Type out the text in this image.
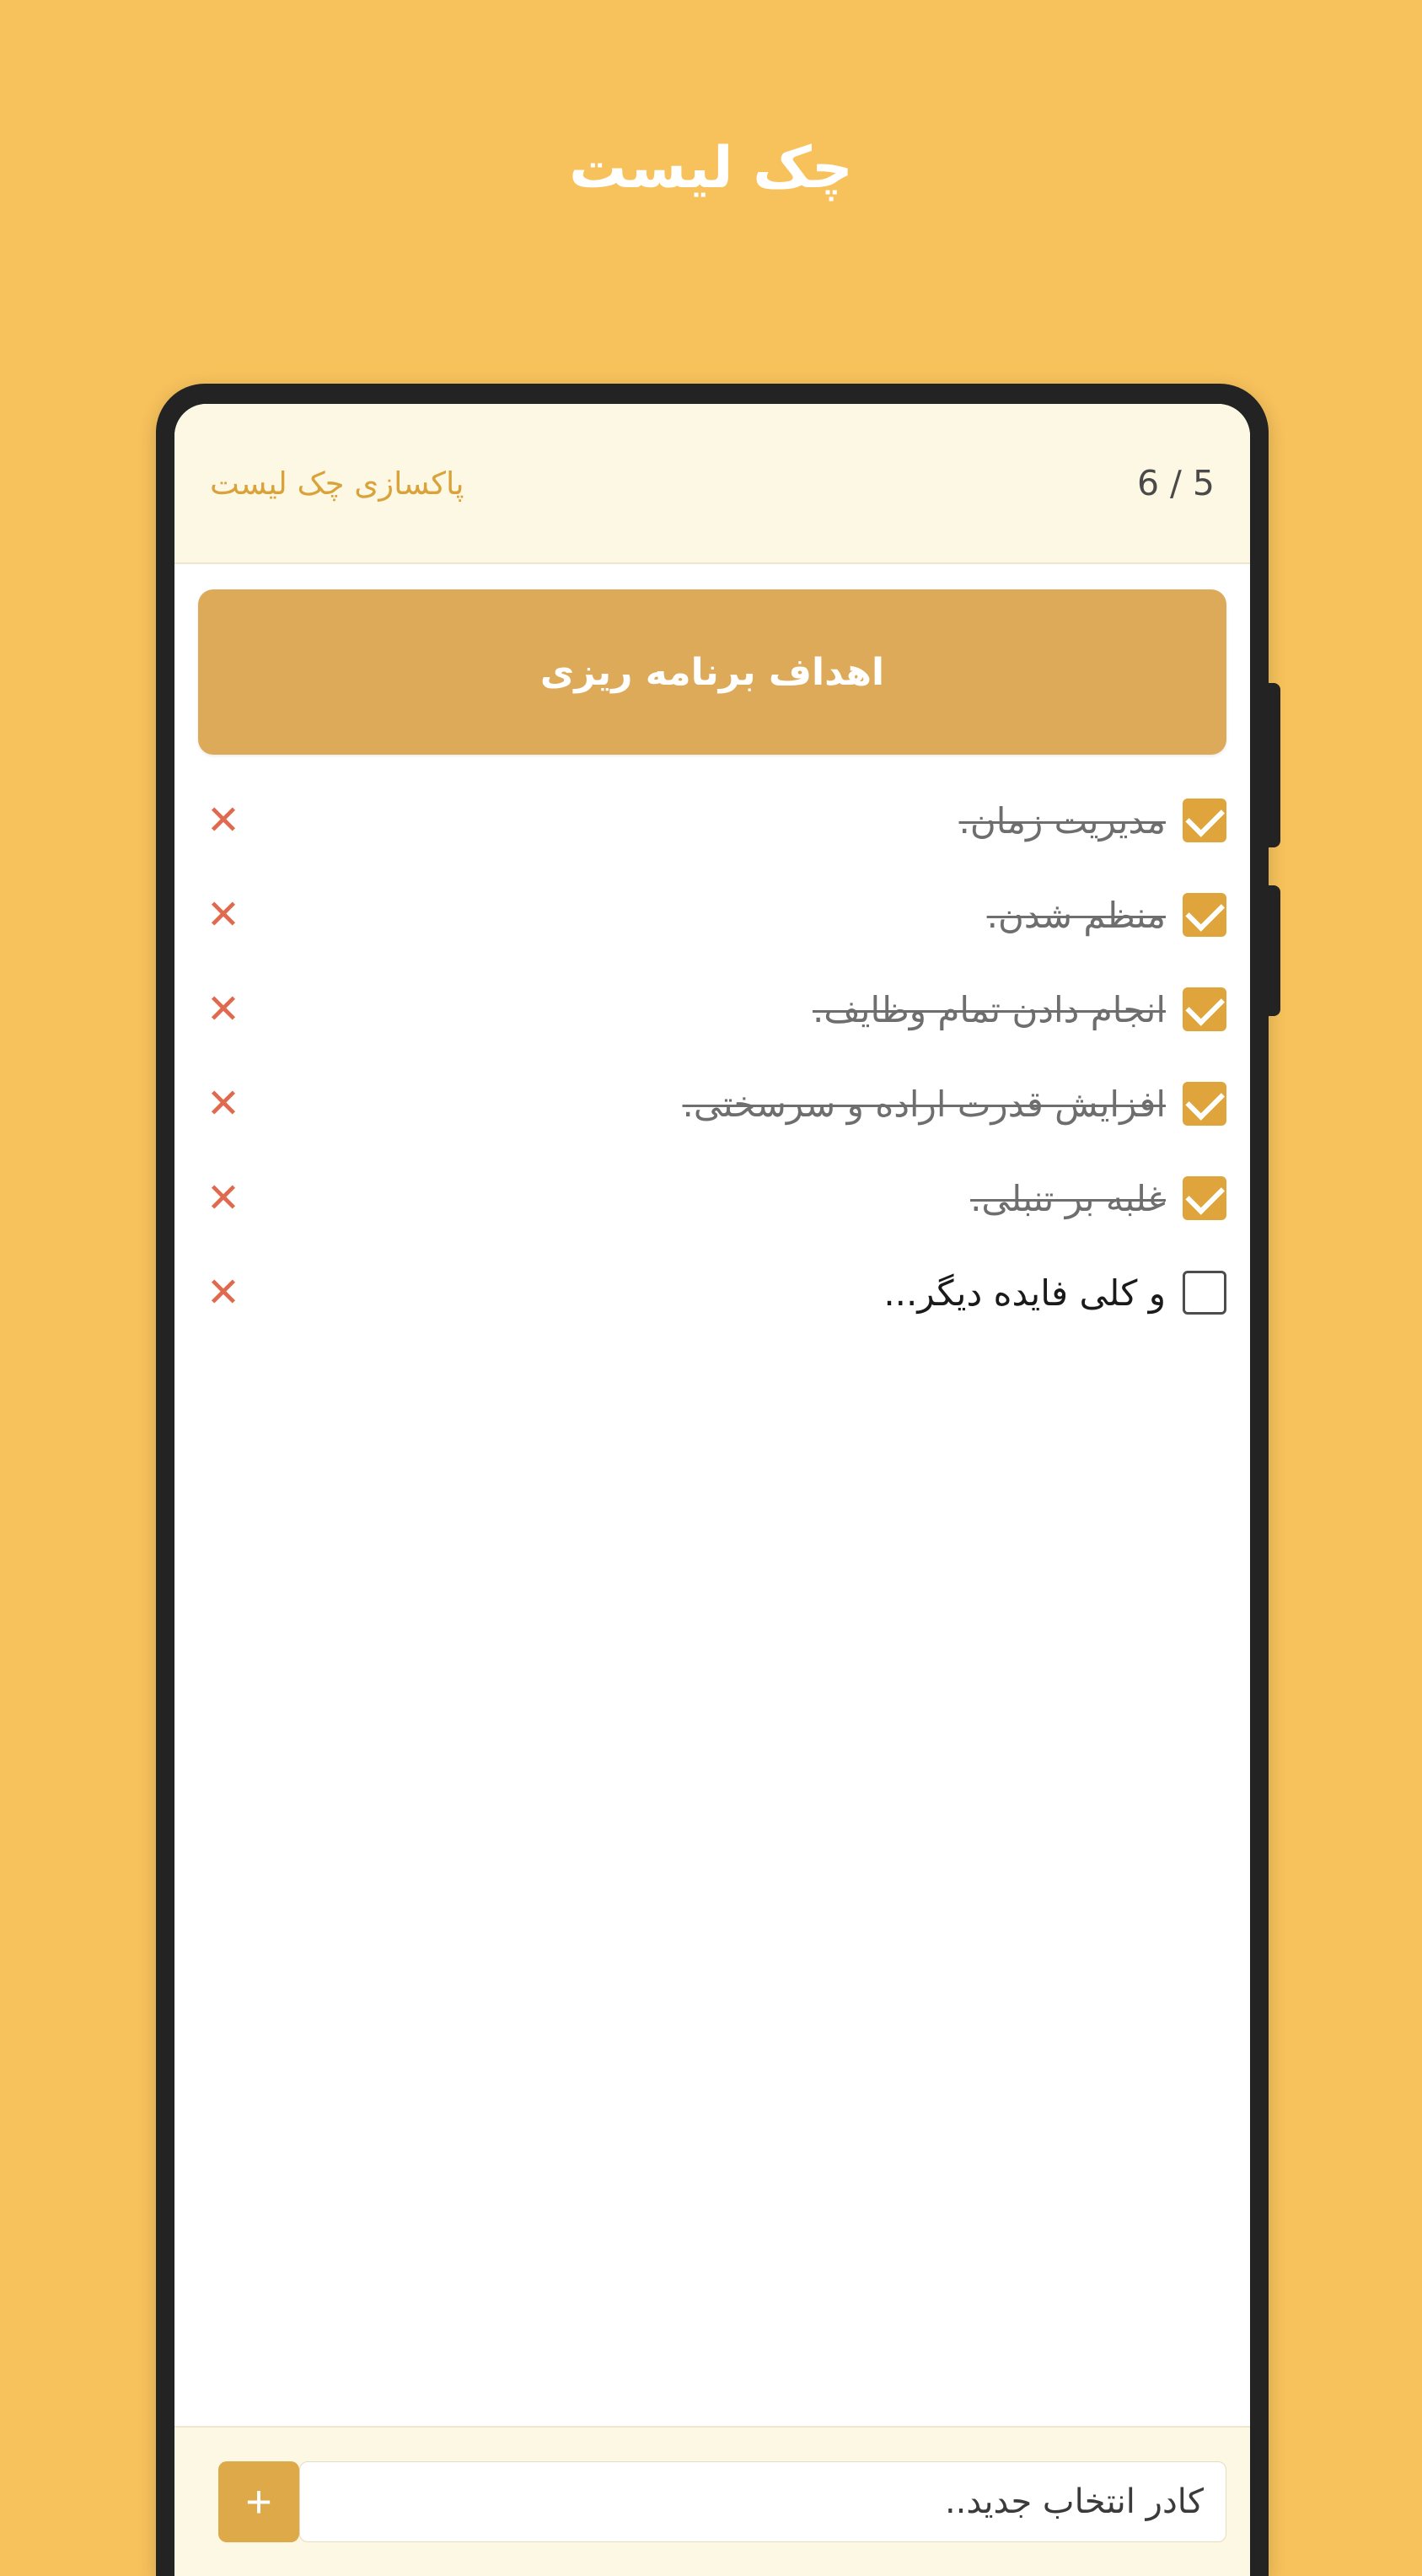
چک لیست
6 / 5
پاکسازی چک لیست
اهداف برنامه ریزی
مدیریت زمان.
✕
منظم شدن.
✕
انجام دادن تمام وظایف.
✕
افزایش قدرت اراده و سرسختی.
✕
غلبه بر تنبلی.
✕
و کلی فایده دیگر...
✕
کادر انتخاب جدید..
+
